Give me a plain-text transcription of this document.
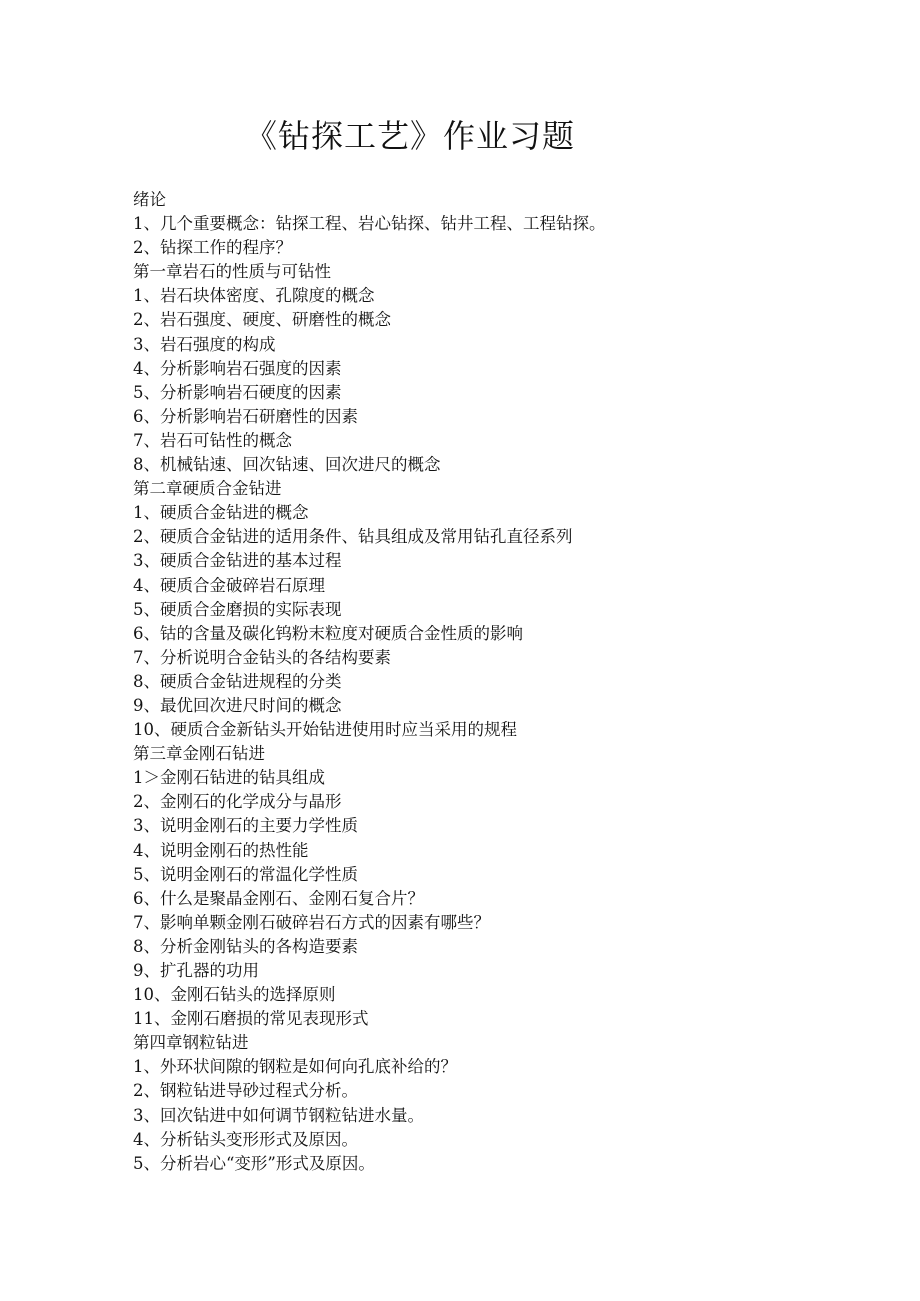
《钻探工艺》作业习题
绪论
1、几个重要概念：钻探工程、岩心钻探、钻井工程、工程钻探。
2、钻探工作的程序？
第一章岩石的性质与可钻性
1、岩石块体密度、孔隙度的概念
2、岩石强度、硬度、研磨性的概念
3、岩石强度的构成
4、分析影响岩石强度的因素
5、分析影响岩石硬度的因素
6、分析影响岩石研磨性的因素
7、岩石可钻性的概念
8、机械钻速、回次钻速、回次进尺的概念
第二章硬质合金钻进
1、硬质合金钻进的概念
2、硬质合金钻进的适用条件、钻具组成及常用钻孔直径系列
3、硬质合金钻进的基本过程
4、硬质合金破碎岩石原理
5、硬质合金磨损的实际表现
6、钴的含量及碳化钨粉末粒度对硬质合金性质的影响
7、分析说明合金钻头的各结构要素
8、硬质合金钻进规程的分类
9、最优回次进尺时间的概念
10、硬质合金新钻头开始钻进使用时应当采用的规程
第三章金刚石钻进
1＞金刚石钻进的钻具组成
2、金刚石的化学成分与晶形
3、说明金刚石的主要力学性质
4、说明金刚石的热性能
5、说明金刚石的常温化学性质
6、什么是聚晶金刚石、金刚石复合片？
7、影响单颗金刚石破碎岩石方式的因素有哪些？
8、分析金刚钻头的各构造要素
9、扩孔器的功用
10、金刚石钻头的选择原则
11、金刚石磨损的常见表现形式
第四章钢粒钻进
1、外环状间隙的钢粒是如何向孔底补给的？
2、钢粒钻进导砂过程式分析。
3、回次钻进中如何调节钢粒钻进水量。
4、分析钻头变形形式及原因。
5、分析岩心“变形”形式及原因。
